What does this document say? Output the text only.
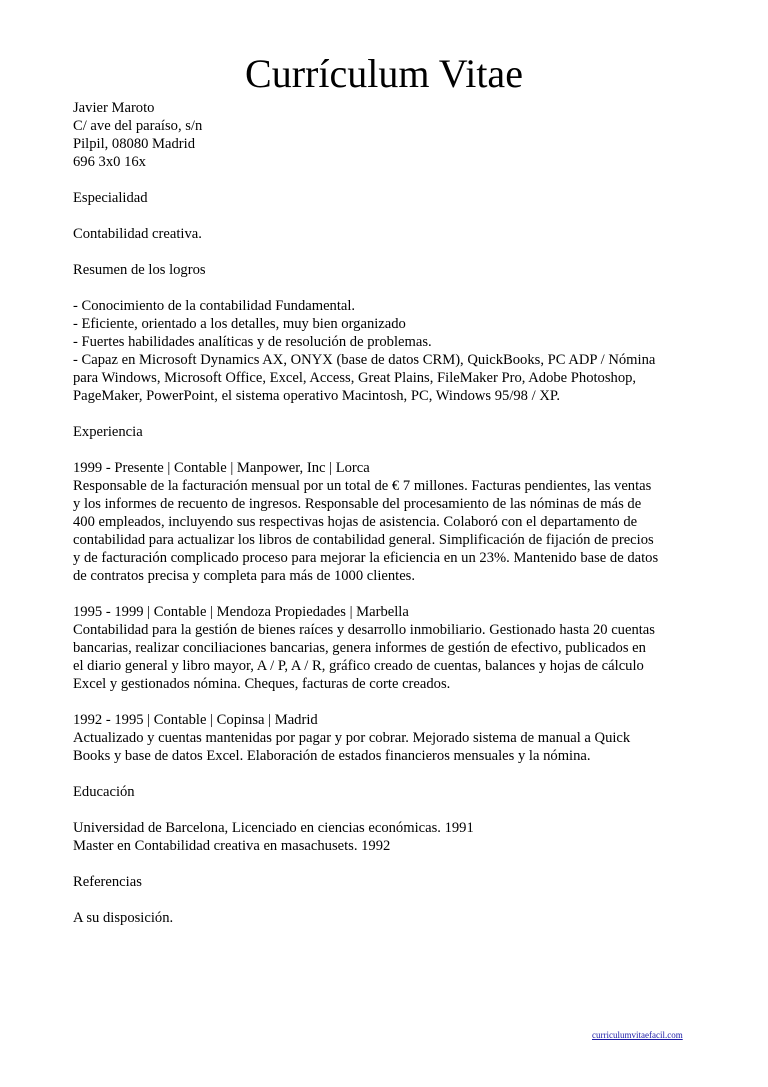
Currículum Vitae
Javier Maroto
C/ ave del paraíso, s/n
Pilpil, 08080 Madrid
696 3x0 16x
Especialidad
Contabilidad creativa.
Resumen de los logros
- Conocimiento de la contabilidad Fundamental.
- Eficiente, orientado a los detalles, muy bien organizado
- Fuertes habilidades analíticas y de resolución de problemas.
- Capaz en Microsoft Dynamics AX, ONYX (base de datos CRM), QuickBooks, PC ADP / Nómina
para Windows, Microsoft Office, Excel, Access, Great Plains, FileMaker Pro, Adobe Photoshop,
PageMaker, PowerPoint, el sistema operativo Macintosh, PC, Windows 95/98 / XP.
Experiencia
1999 - Presente | Contable | Manpower, Inc | Lorca
Responsable de la facturación mensual por un total de € 7 millones. Facturas pendientes, las ventas
y los informes de recuento de ingresos. Responsable del procesamiento de las nóminas de más de
400 empleados, incluyendo sus respectivas hojas de asistencia. Colaboró con el departamento de
contabilidad para actualizar los libros de contabilidad general. Simplificación de fijación de precios
y de facturación complicado proceso para mejorar la eficiencia en un 23%. Mantenido base de datos
de contratos precisa y completa para más de 1000 clientes.
1995 - 1999 | Contable | Mendoza Propiedades | Marbella
Contabilidad para la gestión de bienes raíces y desarrollo inmobiliario. Gestionado hasta 20 cuentas
bancarias, realizar conciliaciones bancarias, genera informes de gestión de efectivo, publicados en
el diario general y libro mayor, A / P, A / R, gráfico creado de cuentas, balances y hojas de cálculo
Excel y gestionados nómina. Cheques, facturas de corte creados.
1992 - 1995 | Contable | Copinsa | Madrid
Actualizado y cuentas mantenidas por pagar y por cobrar. Mejorado sistema de manual a Quick
Books y base de datos Excel. Elaboración de estados financieros mensuales y la nómina.
Educación
Universidad de Barcelona, Licenciado en ciencias económicas. 1991
Master en Contabilidad creativa en masachusets. 1992
Referencias
A su disposición.
curriculumvitaefacil.com
